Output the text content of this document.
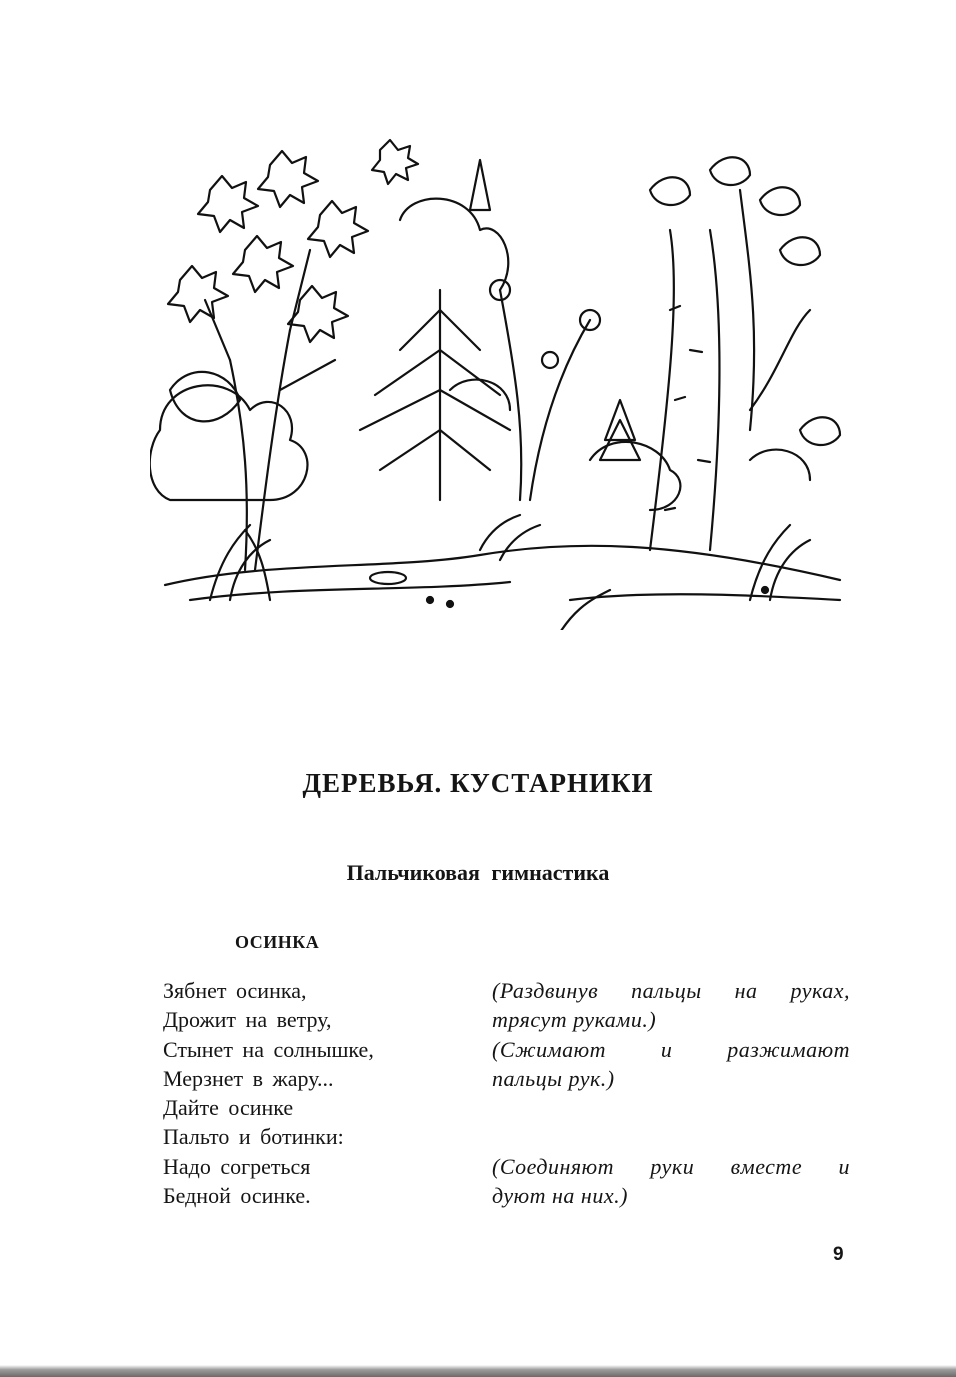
ДЕРЕВЬЯ. КУСТАРНИКИ
Пальчиковая гимнастика
ОСИНКА
Зябнет осинка,
Дрожит на ветру,
Стынет на солнышке,
Мерзнет в жару...
Дайте осинке
Пальто и ботинки:
Надо согреться
Бедной осинке.
(Раздвинув пальцы на руках,
трясут руками.)
(Сжимают и разжимают
пальцы рук.)
(Соединяют руки вместе и
дуют на них.)
9
